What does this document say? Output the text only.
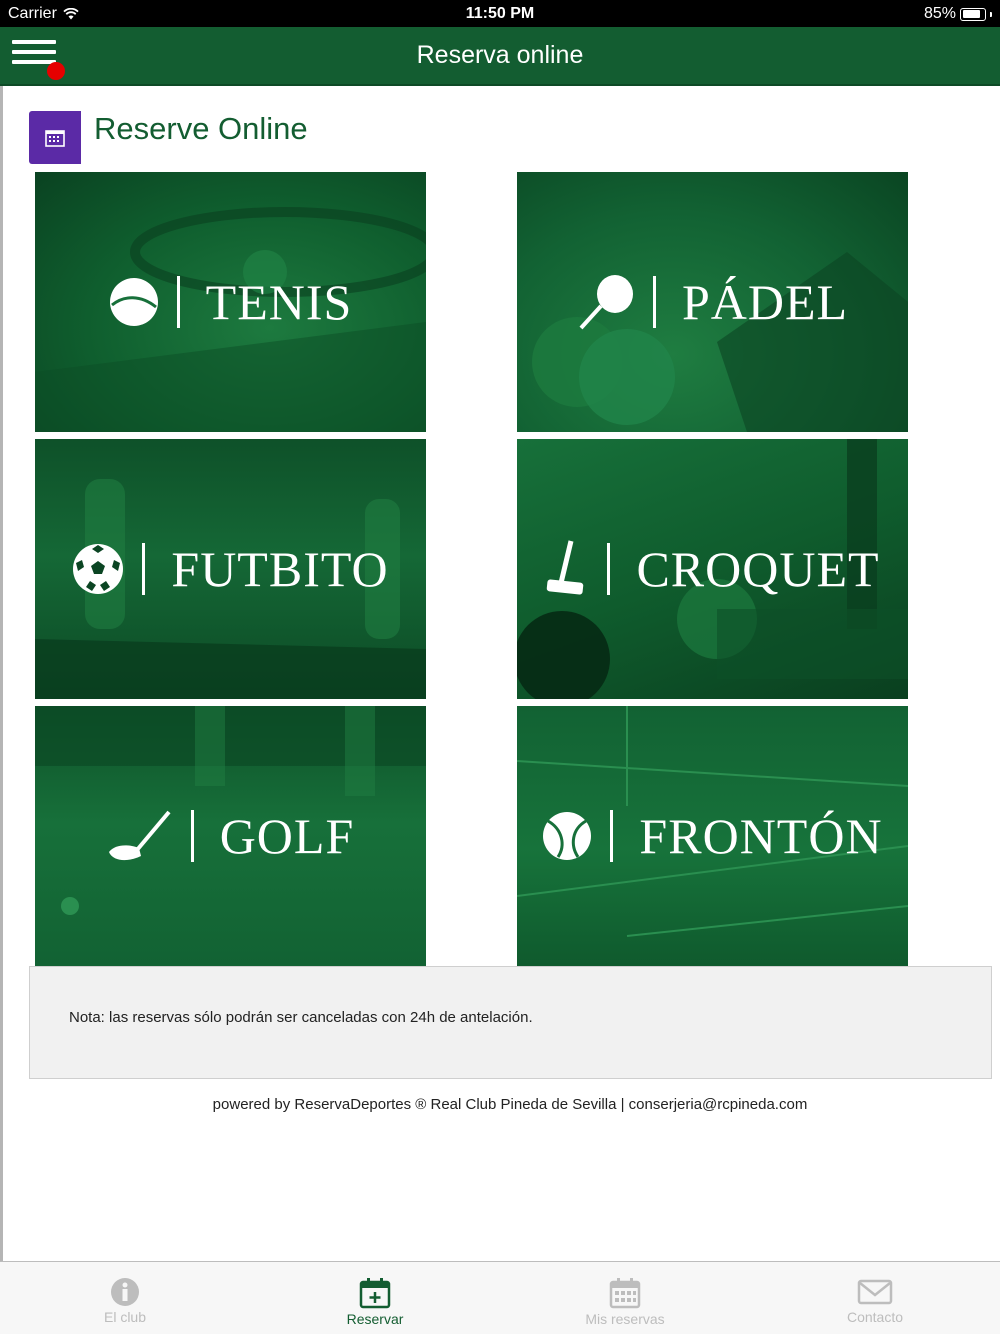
Carrier	11:50 PM	85%
Reserva online
Reserve Online
TENIS	PÁDEL
FUTBITO	CROQUET
GOLF	FRONTÓN

Nota: las reservas sólo podrán ser canceladas con 24h de antelación.

powered by ReservaDeportes ® Real Club Pineda de Sevilla | conserjeria@rcpineda.com
El club	Reservar	Mis reservas	Contacto
